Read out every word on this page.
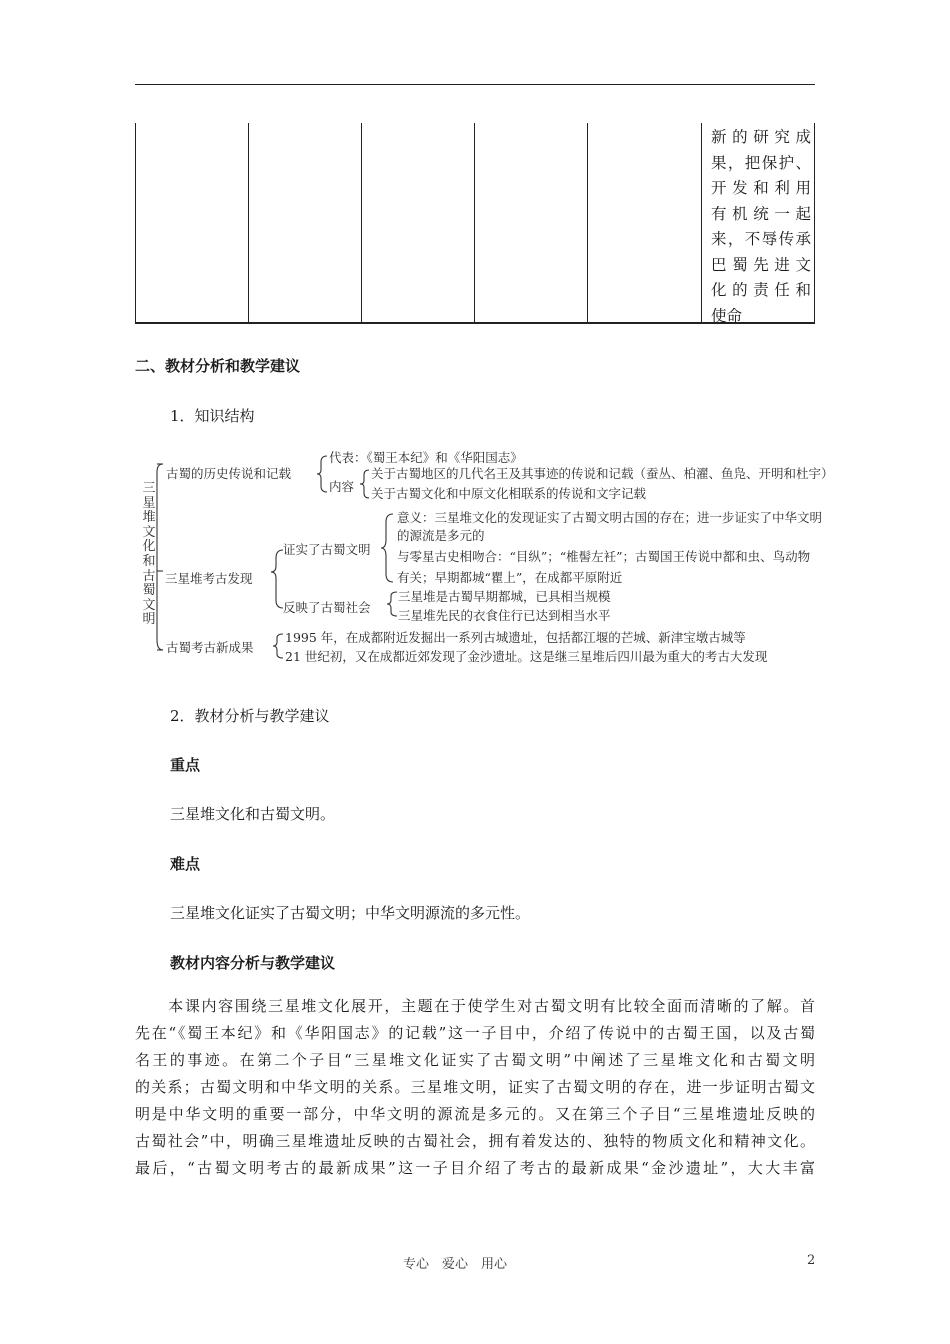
新的研究成
果，把保护、
开发和利用
有机统一起
来，不辱传承
巴蜀先进文
化的责任和
使命
二、教材分析和教学建议
1．知识结构
三
星
堆
文
化
和
古
蜀
文
明
古蜀的历史传说和记载
代表：《蜀王本纪》和《华阳国志》
内容
关于古蜀地区的几代名王及其事迹的传说和记载（蚕丛、柏濯、鱼凫、开明和杜宇）
关于古蜀文化和中原文化相联系的传说和文字记载
三星堆考古发现
证实了古蜀文明
意义：三星堆文化的发现证实了古蜀文明古国的存在；进一步证实了中华文明
的源流是多元的
与零星古史相吻合：“目纵”；“椎髻左衽”；古蜀国王传说中都和虫、鸟动物
有关；早期都城“瞿上”，在成都平原附近
反映了古蜀社会
三星堆是古蜀早期都城，已具相当规模
三星堆先民的衣食住行已达到相当水平
古蜀考古新成果
1995 年，在成都附近发掘出一系列古城遗址，包括都江堰的芒城、新津宝墩古城等
21 世纪初，又在成都近郊发现了金沙遗址。这是继三星堆后四川最为重大的考古大发现
2．教材分析与教学建议
重点
三星堆文化和古蜀文明。
难点
三星堆文化证实了古蜀文明；中华文明源流的多元性。
教材内容分析与教学建议
　　本课内容围绕三星堆文化展开，主题在于使学生对古蜀文明有比较全面而清晰的了解。首
先在“《蜀王本纪》和《华阳国志》的记载”这一子目中，介绍了传说中的古蜀王国，以及古蜀
名王的事迹。在第二个子目“三星堆文化证实了古蜀文明”中阐述了三星堆文化和古蜀文明
的关系；古蜀文明和中华文明的关系。三星堆文明，证实了古蜀文明的存在，进一步证明古蜀文
明是中华文明的重要一部分，中华文明的源流是多元的。又在第三个子目“三星堆遗址反映的
古蜀社会”中，明确三星堆遗址反映的古蜀社会，拥有着发达的、独特的物质文化和精神文化。
最后，“古蜀文明考古的最新成果”这一子目介绍了考古的最新成果“金沙遗址”，大大丰富
专心　爱心　用心	2
